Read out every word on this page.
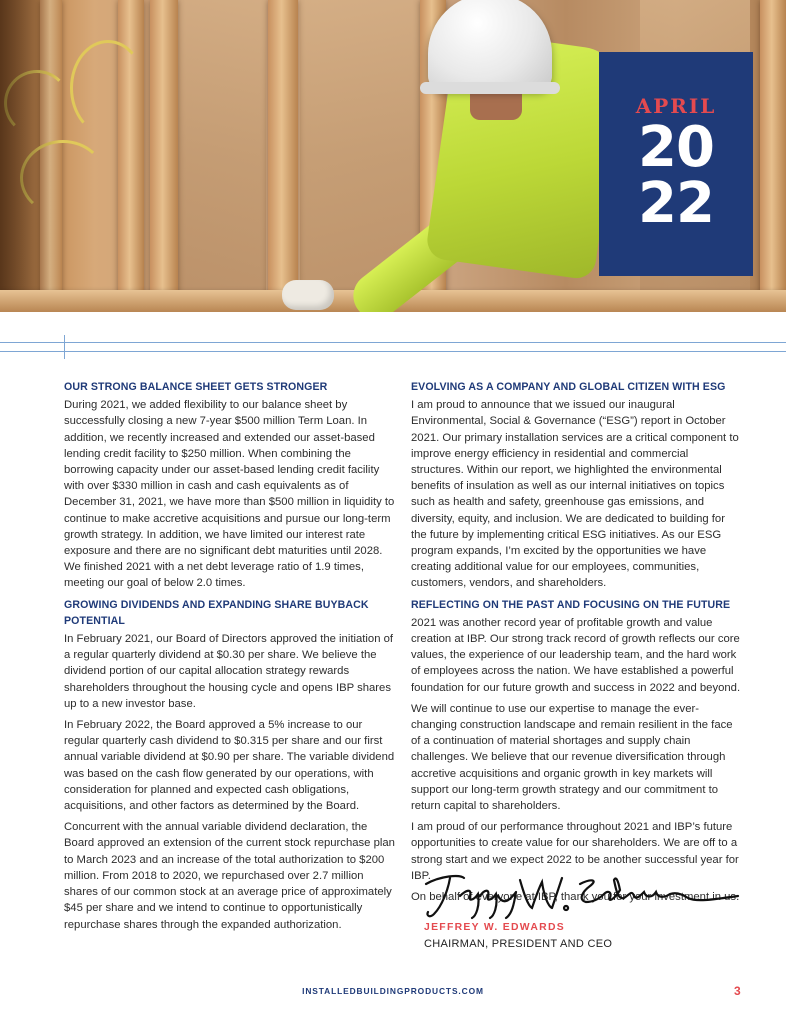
APRIL
20
22
OUR STRONG BALANCE SHEET GETS STRONGER

During 2021, we added flexibility to our balance sheet by successfully closing a new 7-year $500 million Term Loan. In addition, we recently increased and extended our asset-based lending credit facility to $250 million. When combining the borrowing capacity under our asset-based lending credit facility with over $330 million in cash and cash equivalents as of December 31, 2021, we have more than $500 million in liquidity to continue to make accretive acquisitions and pursue our long-term growth strategy. In addition, we have limited our interest rate exposure and there are no significant debt maturities until 2028. We finished 2021 with a net debt leverage ratio of 1.9 times, meeting our goal of below 2.0 times.

GROWING DIVIDENDS AND EXPANDING SHARE BUYBACK POTENTIAL

In February 2021, our Board of Directors approved the initiation of a regular quarterly dividend at $0.30 per share. We believe the dividend portion of our capital allocation strategy rewards shareholders throughout the housing cycle and opens IBP shares up to a new investor base.

In February 2022, the Board approved a 5% increase to our regular quarterly cash dividend to $0.315 per share and our first annual variable dividend at $0.90 per share. The variable dividend was based on the cash flow generated by our operations, with consideration for planned and expected cash obligations, acquisitions, and other factors as determined by the Board.

Concurrent with the annual variable dividend declaration, the Board approved an extension of the current stock repurchase plan to March 2023 and an increase of the total authorization to $200 million. From 2018 to 2020, we repurchased over 2.7 million shares of our common stock at an average price of approximately $45 per share and we intend to continue to opportunistically repurchase shares through the expanded authorization.

EVOLVING AS A COMPANY AND GLOBAL CITIZEN WITH ESG

I am proud to announce that we issued our inaugural Environmental, Social & Governance (“ESG”) report in October 2021. Our primary installation services are a critical component to improve energy efficiency in residential and commercial structures. Within our report, we highlighted the environmental benefits of insulation as well as our internal initiatives on topics such as health and safety, greenhouse gas emissions, and diversity, equity, and inclusion. We are dedicated to building for the future by implementing critical ESG initiatives. As our ESG program expands, I’m excited by the opportunities we have creating additional value for our employees, communities, customers, vendors, and shareholders.

REFLECTING ON THE PAST AND FOCUSING ON THE FUTURE

2021 was another record year of profitable growth and value creation at IBP. Our strong track record of growth reflects our core values, the experience of our leadership team, and the hard work of employees across the nation. We have established a powerful foundation for our future growth and success in 2022 and beyond.

We will continue to use our expertise to manage the ever-changing construction landscape and remain resilient in the face of a continuation of material shortages and supply chain challenges. We believe that our revenue diversification through accretive acquisitions and organic growth in key markets will support our long-term growth strategy and our commitment to return capital to shareholders.

I am proud of our performance throughout 2021 and IBP’s future opportunities to create value for our shareholders. We are off to a strong start and we expect 2022 to be another successful year for IBP.

On behalf of everyone at IBP, thank you for your investment in us.

JEFFREY W. EDWARDS
CHAIRMAN, PRESIDENT AND CEO
INSTALLEDBUILDINGPRODUCTS.COM	3
